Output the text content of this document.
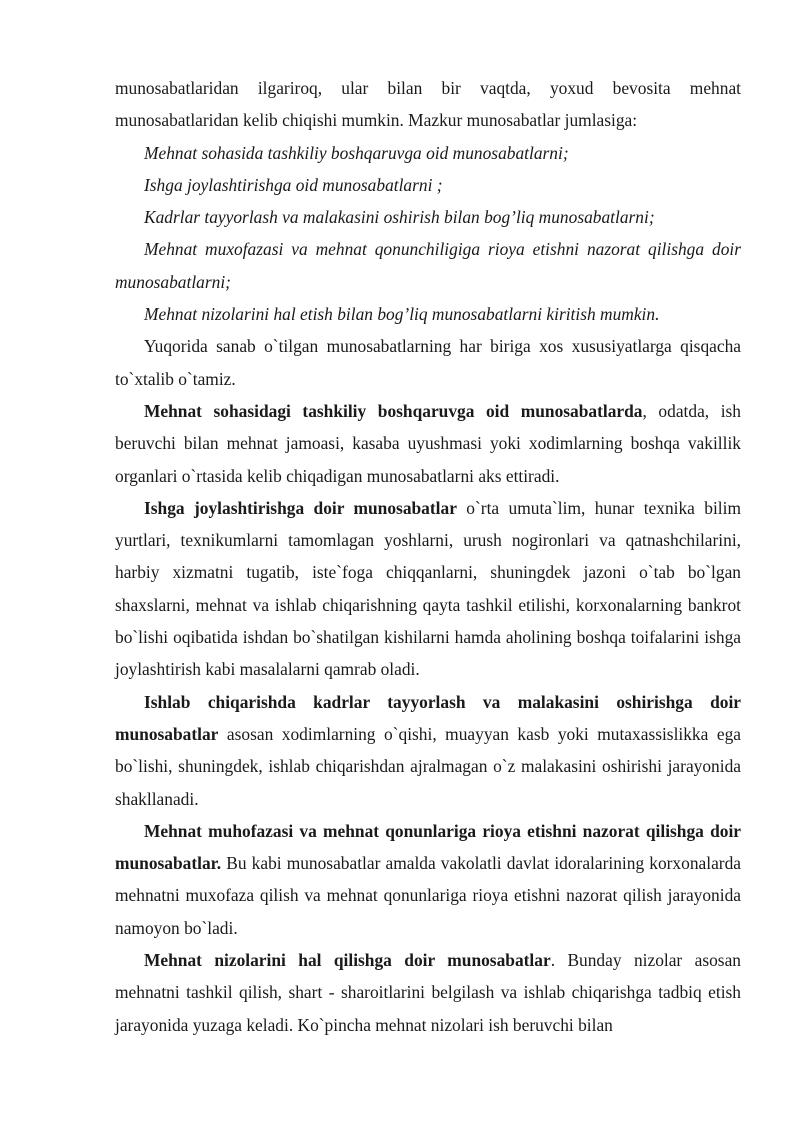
munosabatlaridan ilgariroq, ular bilan bir vaqtda, yoxud bevosita mehnat munosabatlaridan kelib chiqishi mumkin. Mazkur munosabatlar jumlasiga:

Mehnat sohasida tashkiliy boshqaruvga oid munosabatlarni;

Ishga joylashtirishga oid munosabatlarni ;

Kadrlar tayyorlash va malakasini oshirish bilan bog’liq munosabatlarni;

Mehnat muxofazasi va mehnat qonunchiligiga rioya etishni nazorat qilishga doir munosabatlarni;

Mehnat nizolarini hal etish bilan bog’liq munosabatlarni kiritish mumkin.

Yuqorida sanab o`tilgan munosabatlarning har biriga xos xususiyatlarga qisqacha to`xtalib o`tamiz.

Mehnat sohasidagi tashkiliy boshqaruvga oid munosabatlarda, odatda, ish beruvchi bilan mehnat jamoasi, kasaba uyushmasi yoki xodimlarning boshqa vakillik organlari o`rtasida kelib chiqadigan munosabatlarni aks ettiradi.

Ishga joylashtirishga doir munosabatlar o`rta umuta`lim, hunar texnika bilim yurtlari, texnikumlarni tamomlagan yoshlarni, urush nogironlari va qatnashchilarini, harbiy xizmatni tugatib, iste`foga chiqqanlarni, shuningdek jazoni o`tab bo`lgan shaxslarni, mehnat va ishlab chiqarishning qayta tashkil etilishi, korxonalarning bankrot bo`lishi oqibatida ishdan bo`shatilgan kishilarni hamda aholining boshqa toifalarini ishga joylashtirish kabi masalalarni qamrab oladi.

Ishlab chiqarishda kadrlar tayyorlash va malakasini oshirishga doir munosabatlar asosan xodimlarning o`qishi, muayyan kasb yoki mutaxassislikka ega bo`lishi, shuningdek, ishlab chiqarishdan ajralmagan o`z malakasini oshirishi jarayonida shakllanadi.

Mehnat muhofazasi va mehnat qonunlariga rioya etishni nazorat qilishga doir munosabatlar. Bu kabi munosabatlar amalda vakolatli davlat idoralarining korxonalarda mehnatni muxofaza qilish va mehnat qonunlariga rioya etishni nazorat qilish jarayonida namoyon bo`ladi.

Mehnat nizolarini hal qilishga doir munosabatlar. Bunday nizolar asosan mehnatni tashkil qilish, shart - sharoitlarini belgilash va ishlab chiqarishga tadbiq etish jarayonida yuzaga keladi. Ko`pincha mehnat nizolari ish beruvchi bilan
